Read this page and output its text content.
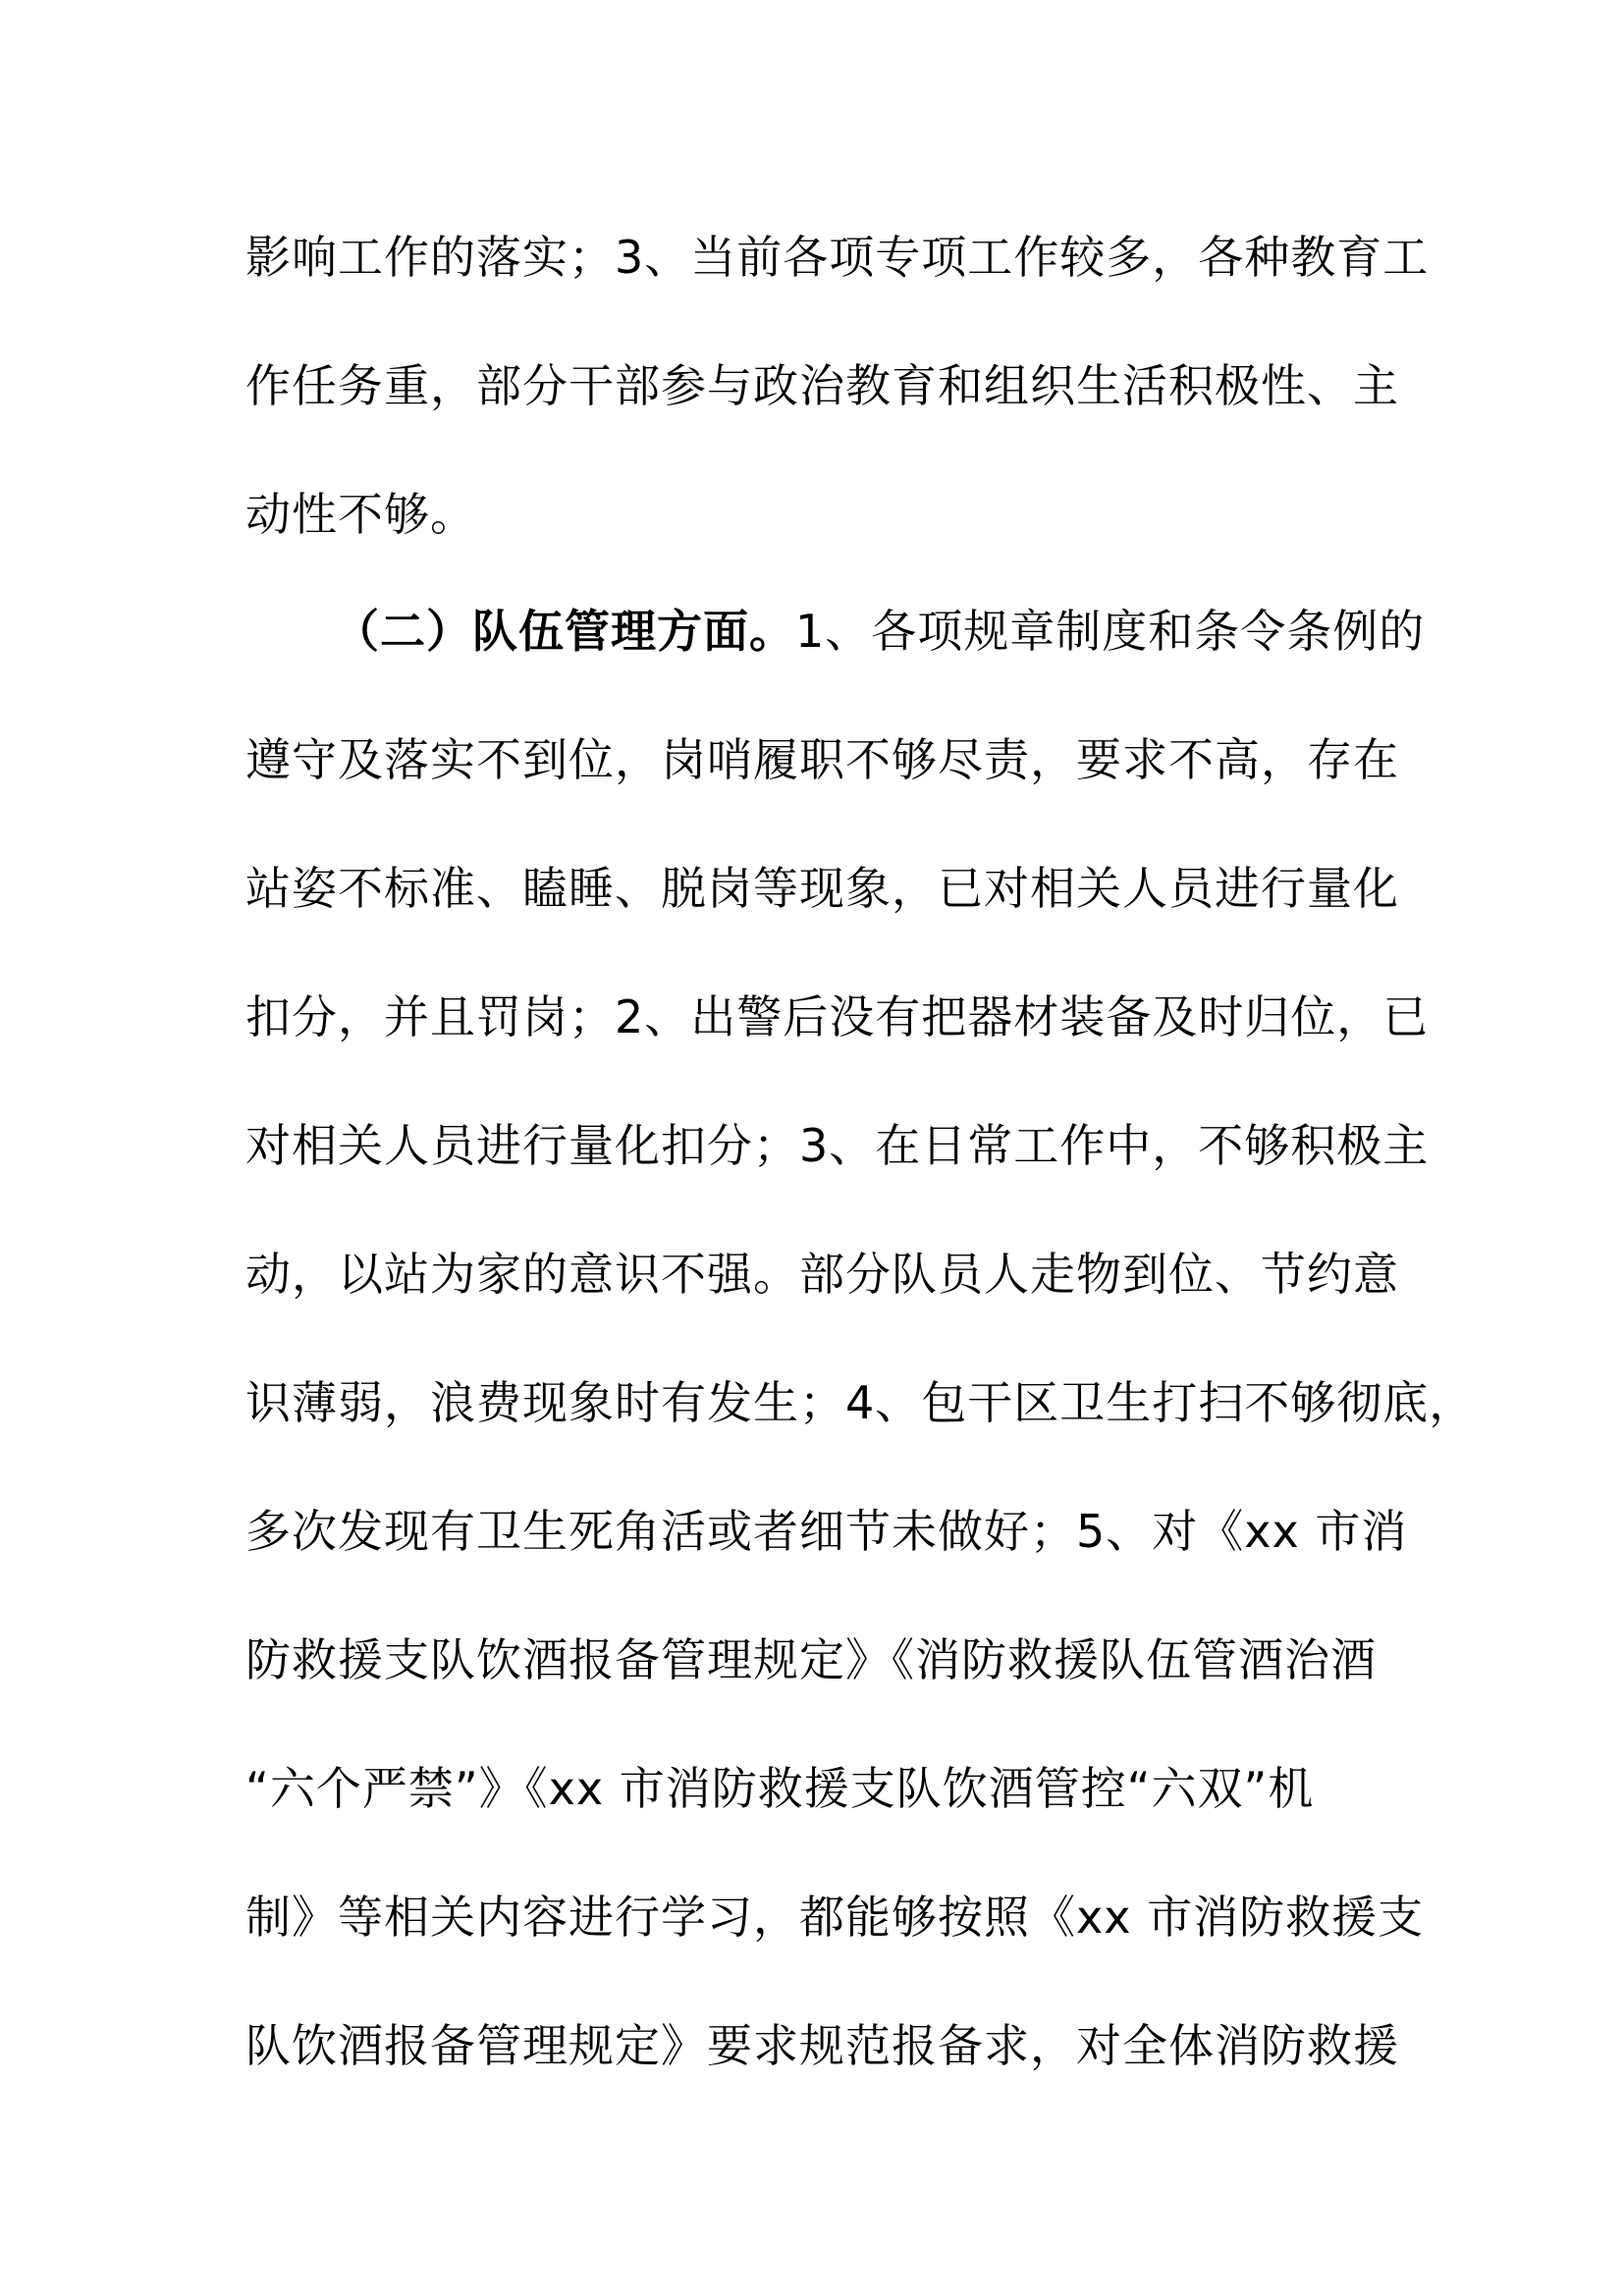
影响工作的落实；3、当前各项专项工作较多，各种教育工
作任务重，部分干部参与政治教育和组织生活积极性、主
动性不够。
（二）队伍管理方面。1、各项规章制度和条令条例的
遵守及落实不到位，岗哨履职不够尽责，要求不高，存在
站姿不标准、瞌睡、脱岗等现象，已对相关人员进行量化
扣分，并且罚岗；2、出警后没有把器材装备及时归位，已
对相关人员进行量化扣分；3、在日常工作中，不够积极主
动，以站为家的意识不强。部分队员人走物到位、节约意
识薄弱，浪费现象时有发生；4、包干区卫生打扫不够彻底，
多次发现有卫生死角活或者细节未做好；5、对《xx 市消
防救援支队饮酒报备管理规定》《消防救援队伍管酒治酒
“六个严禁”》《xx 市消防救援支队饮酒管控“六双”机
制》等相关内容进行学习，都能够按照《xx 市消防救援支
队饮酒报备管理规定》要求规范报备求，对全体消防救援
